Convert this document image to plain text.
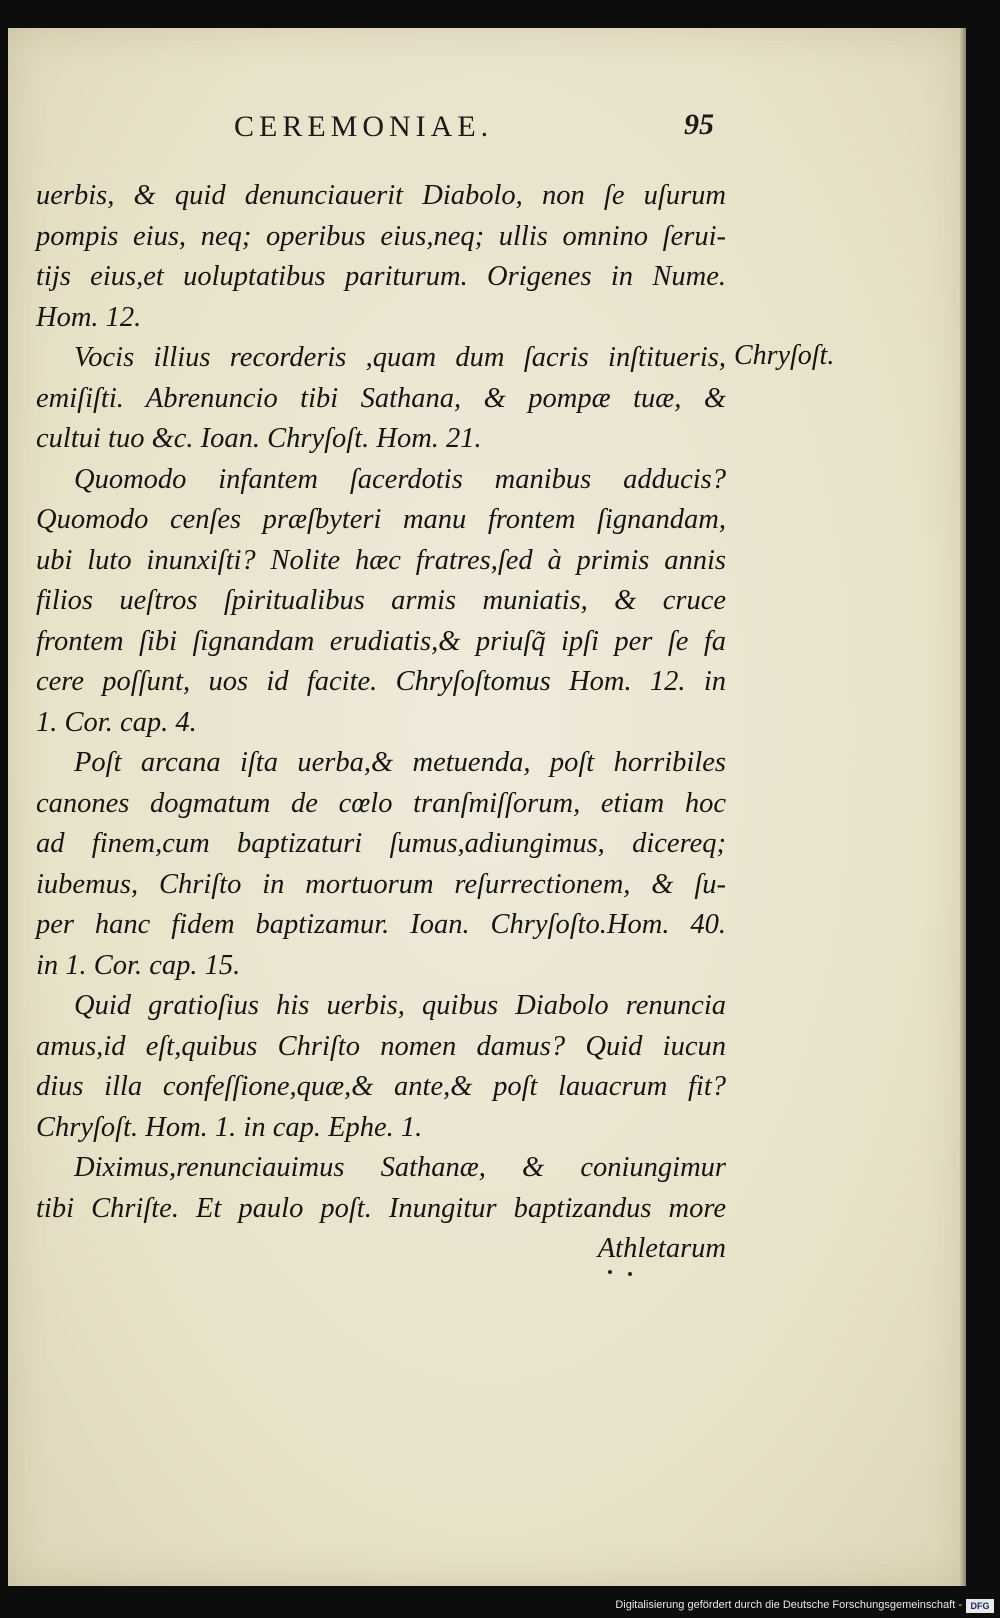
CEREMONIAE.	95
Chryſoſt.
uerbis, & quid denunciauerit Diabolo, non ſe uſurum
pompis eius, neq; operibus eius,neq; ullis omnino ſerui-
tijs eius,et uoluptatibus pariturum. Origenes in Nume.
Hom. 12.
Vocis illius recorderis ,quam dum ſacris inſtitueris,
emiſiſti. Abrenuncio tibi Sathana, & pompæ tuæ, &
cultui tuo &c. Ioan. Chryſoſt. Hom. 21.
Quomodo infantem ſacerdotis manibus adducis?
Quomodo cenſes præſbyteri manu frontem ſignandam,
ubi luto inunxiſti? Nolite hæc fratres,ſed à primis annis
filios ueſtros ſpiritualibus armis muniatis, & cruce
frontem ſibi ſignandam erudiatis,& priuſq̃ ipſi per ſe fa
cere poſſunt, uos id facite. Chryſoſtomus Hom. 12. in
1. Cor. cap. 4.
Poſt arcana iſta uerba,& metuenda, poſt horribiles
canones dogmatum de cœlo tranſmiſſorum, etiam hoc
ad finem,cum baptizaturi ſumus,adiungimus, dicereq;
iubemus, Chriſto in mortuorum reſurrectionem, & ſu-
per hanc fidem baptizamur. Ioan. Chryſoſto.Hom. 40.
in 1. Cor. cap. 15.
Quid gratioſius his uerbis, quibus Diabolo renuncia
amus,id eſt,quibus Chriſto nomen damus? Quid iucun
dius illa confeſſione,quæ,& ante,& poſt lauacrum fit?
Chryſoſt. Hom. 1. in cap. Ephe. 1.
Diximus,renunciauimus Sathanæ, & coniungimur
tibi Chriſte. Et paulo poſt. Inungitur baptizandus more
Athletarum
Digitalisierung gefördert durch die Deutsche Forschungsgemeinschaft - DFG
